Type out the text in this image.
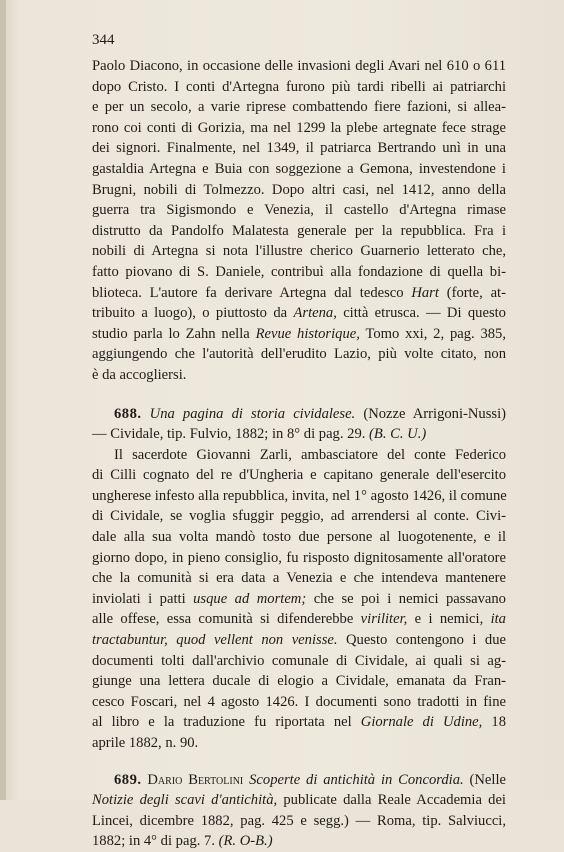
344
Paolo Diacono, in occasione delle invasioni degli Avari nel 610 o 611
dopo Cristo. I conti d'Artegna furono più tardi ribelli ai patriarchi
e per un secolo, a varie riprese combattendo fiere fazioni, si allea-
rono coi conti di Gorizia, ma nel 1299 la plebe artegnate fece strage
dei signori. Finalmente, nel 1349, il patriarca Bertrando unì in una
gastaldia Artegna e Buia con soggezione a Gemona, investendone i
Brugni, nobili di Tolmezzo. Dopo altri casi, nel 1412, anno della
guerra tra Sigismondo e Venezia, il castello d'Artegna rimase
distrutto da Pandolfo Malatesta generale per la repubblica. Fra i
nobili di Artegna si nota l'illustre cherico Guarnerio letterato che,
fatto piovano di S. Daniele, contribuì alla fondazione di quella bi-
blioteca. L'autore fa derivare Artegna dal tedesco Hart (forte, at-
tribuito a luogo), o piuttosto da Artena, città etrusca. — Di questo
studio parla lo Zahn nella Revue historique, Tomo xxi, 2, pag. 385,
aggiungendo che l'autorità dell'erudito Lazio, più volte citato, non
è da accogliersi.
688. Una pagina di storia cividalese. (Nozze Arrigoni-Nussi)
— Cividale, tip. Fulvio, 1882; in 8° di pag. 29. (B. C. U.)
Il sacerdote Giovanni Zarli, ambasciatore del conte Federico
di Cilli cognato del re d'Ungheria e capitano generale dell'esercito
ungherese infesto alla repubblica, invita, nel 1° agosto 1426, il comune
di Cividale, se voglia sfuggir peggio, ad arrendersi al conte. Civi-
dale alla sua volta mandò tosto due persone al luogotenente, e il
giorno dopo, in pieno consiglio, fu risposto dignitosamente all'oratore
che la comunità si era data a Venezia e che intendeva mantenere
inviolati i patti usque ad mortem; che se poi i nemici passavano
alle offese, essa comunità si difenderebbe viriliter, e i nemici, ita
tractabuntur, quod vellent non venisse. Questo contengono i due
documenti tolti dall'archivio comunale di Cividale, ai quali si ag-
giunge una lettera ducale di elogio a Cividale, emanata da Fran-
cesco Foscari, nel 4 agosto 1426. I documenti sono tradotti in fine
al libro e la traduzione fu riportata nel Giornale di Udine, 18
aprile 1882, n. 90.
689. Dario Bertolini Scoperte di antichità in Concordia. (Nelle
Notizie degli scavi d'antichità, publicate dalla Reale Accademia dei
Lincei, dicembre 1882, pag. 425 e segg.) — Roma, tip. Salviucci,
1882; in 4° di pag. 7. (R. O-B.)
